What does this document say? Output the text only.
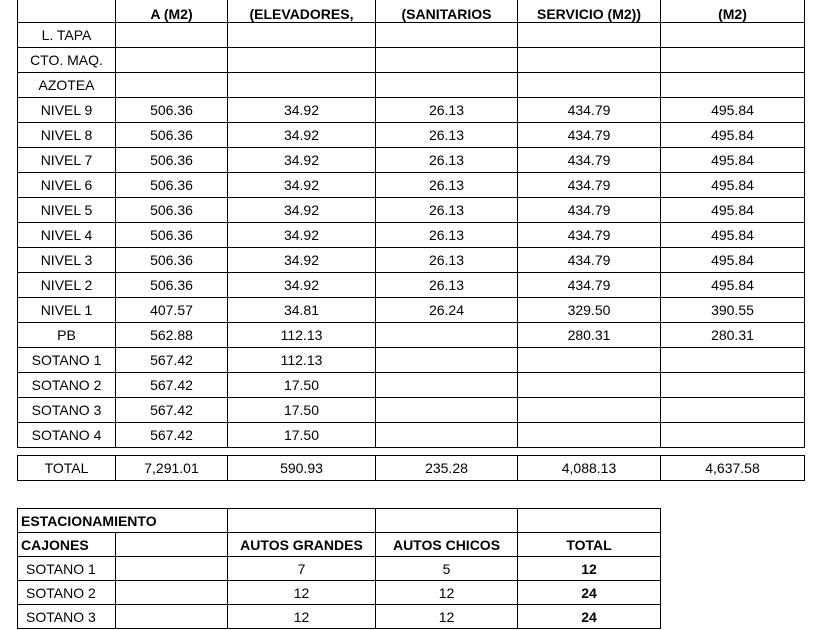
	A (M2)	(ELEVADORES,	(SANITARIOS	SERVICIO (M2))	(M2)
L. TAPA					
CTO. MAQ.					
AZOTEA					
NIVEL 9	506.36	34.92	26.13	434.79	495.84
NIVEL 8	506.36	34.92	26.13	434.79	495.84
NIVEL 7	506.36	34.92	26.13	434.79	495.84
NIVEL 6	506.36	34.92	26.13	434.79	495.84
NIVEL 5	506.36	34.92	26.13	434.79	495.84
NIVEL 4	506.36	34.92	26.13	434.79	495.84
NIVEL 3	506.36	34.92	26.13	434.79	495.84
NIVEL 2	506.36	34.92	26.13	434.79	495.84
NIVEL 1	407.57	34.81	26.24	329.50	390.55
PB	562.88	112.13		280.31	280.31
SOTANO 1	567.42	112.13			
SOTANO 2	567.42	17.50			
SOTANO 3	567.42	17.50			
SOTANO 4	567.42	17.50			
TOTAL	7,291.01	590.93	235.28	4,088.13	4,637.58
ESTACIONAMIENTO				
CAJONES		AUTOS GRANDES	AUTOS CHICOS	TOTAL
SOTANO 1		7	5	12
SOTANO 2		12	12	24
SOTANO 3		12	12	24
